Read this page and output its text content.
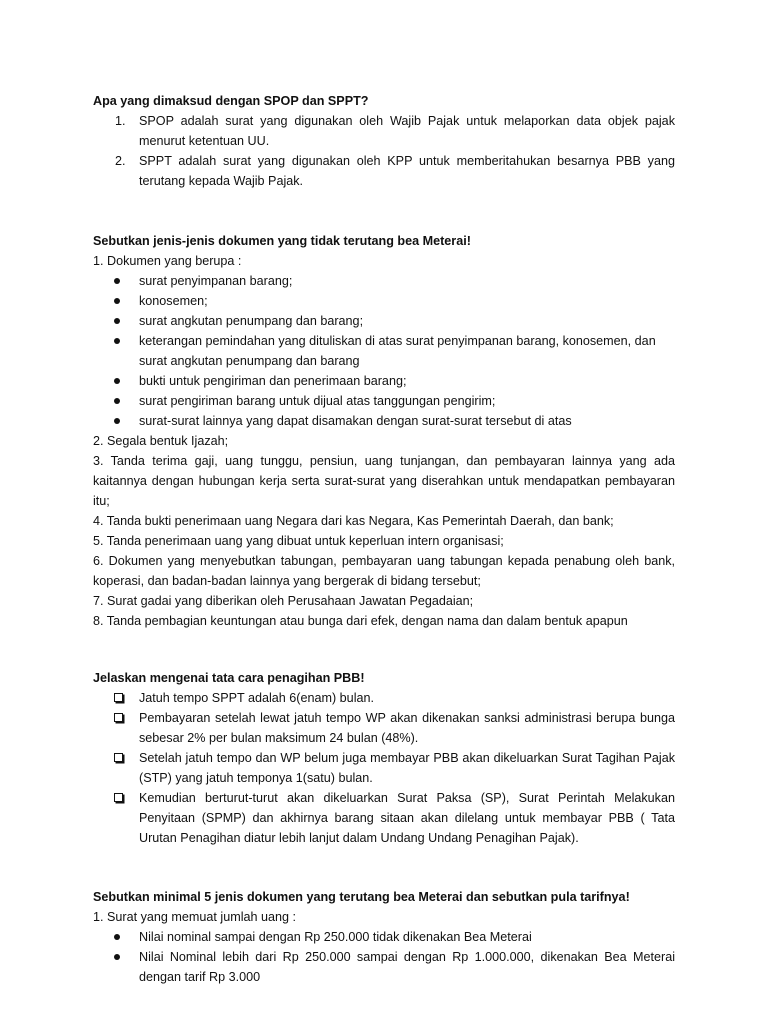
Apa yang dimaksud dengan SPOP dan SPPT?
1. SPOP adalah surat yang digunakan oleh Wajib Pajak untuk melaporkan data objek pajak menurut ketentuan UU.
2. SPPT adalah surat yang digunakan oleh KPP untuk memberitahukan besarnya PBB yang terutang kepada Wajib Pajak.
Sebutkan jenis-jenis dokumen yang tidak terutang bea Meterai!
1. Dokumen yang berupa :
surat penyimpanan barang;
konosemen;
surat angkutan penumpang dan barang;
keterangan pemindahan yang dituliskan di atas surat penyimpanan barang, konosemen, dan surat angkutan penumpang dan barang
bukti untuk pengiriman dan penerimaan barang;
surat pengiriman barang untuk dijual atas tanggungan pengirim;
surat-surat lainnya yang dapat disamakan dengan surat-surat tersebut di atas
2. Segala bentuk Ijazah;
3. Tanda terima gaji, uang tunggu, pensiun, uang tunjangan, dan pembayaran lainnya yang ada kaitannya dengan hubungan kerja serta surat-surat yang diserahkan untuk mendapatkan pembayaran itu;
4. Tanda bukti penerimaan uang Negara dari kas Negara, Kas Pemerintah Daerah, dan bank;
5. Tanda penerimaan uang yang dibuat untuk keperluan intern organisasi;
6. Dokumen yang menyebutkan tabungan, pembayaran uang tabungan kepada penabung oleh bank, koperasi, dan badan-badan lainnya yang bergerak di bidang tersebut;
7. Surat gadai yang diberikan oleh Perusahaan Jawatan Pegadaian;
8. Tanda pembagian keuntungan atau bunga dari efek, dengan nama dan dalam bentuk apapun
Jelaskan mengenai tata cara penagihan PBB!
Jatuh tempo SPPT adalah 6(enam) bulan.
Pembayaran setelah lewat jatuh tempo WP akan dikenakan sanksi administrasi berupa bunga sebesar 2% per bulan maksimum 24 bulan (48%).
Setelah jatuh tempo dan WP belum juga membayar PBB akan dikeluarkan Surat Tagihan Pajak (STP) yang jatuh temponya 1(satu) bulan.
Kemudian berturut-turut akan dikeluarkan Surat Paksa (SP), Surat Perintah Melakukan Penyitaan (SPMP) dan akhirnya barang sitaan akan dilelang untuk membayar PBB ( Tata Urutan Penagihan diatur lebih lanjut dalam Undang Undang Penagihan Pajak).
Sebutkan minimal 5 jenis dokumen yang terutang bea Meterai dan sebutkan pula tarifnya!
1. Surat yang memuat jumlah uang :
Nilai nominal sampai dengan Rp 250.000 tidak dikenakan Bea Meterai
Nilai Nominal lebih dari Rp 250.000 sampai dengan Rp 1.000.000, dikenakan Bea Meterai dengan tarif Rp 3.000
